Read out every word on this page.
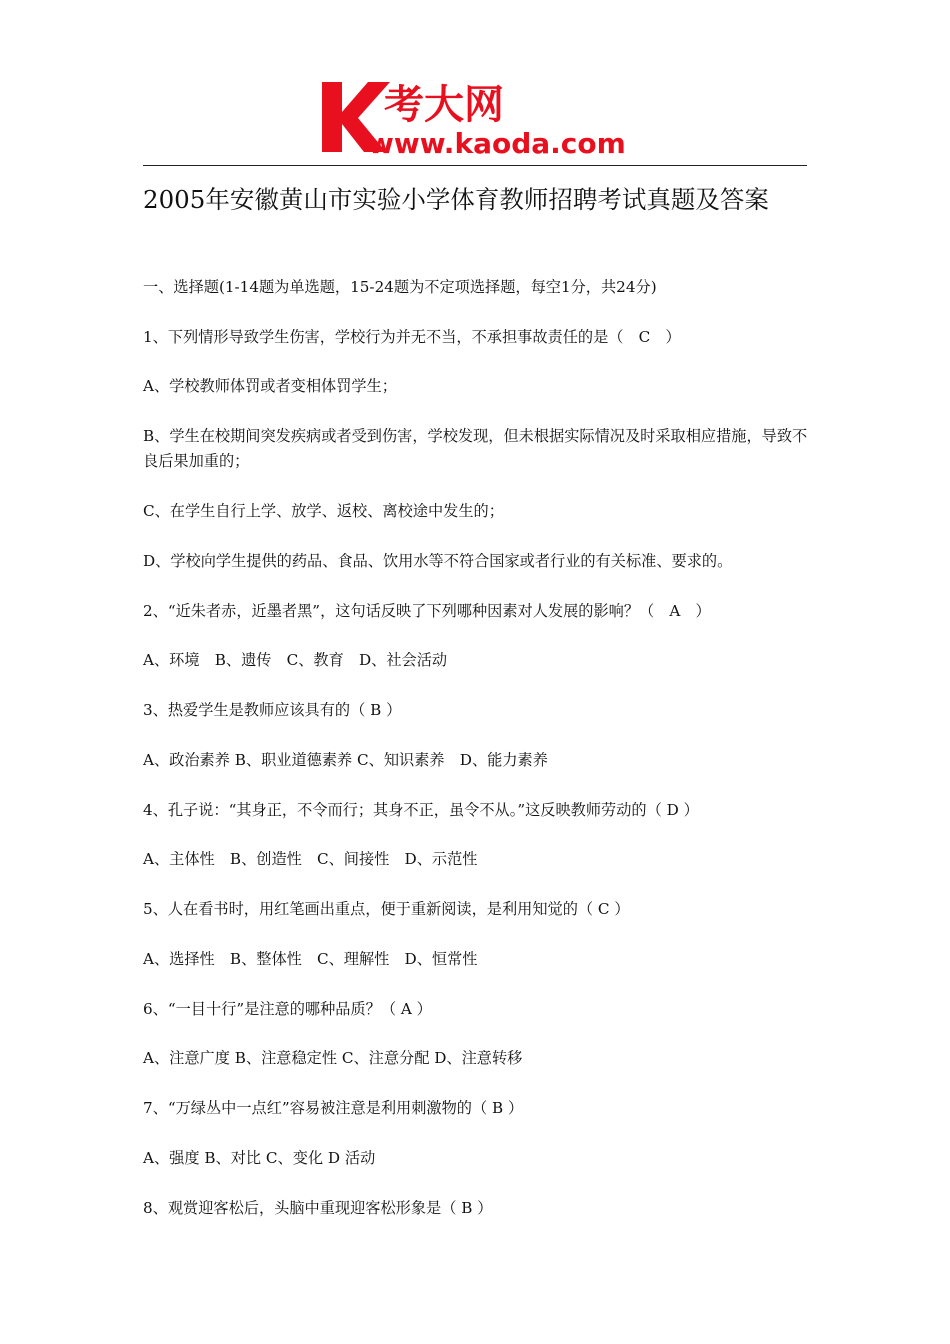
考大网
www.kaoda.com
2005年安徽黄山市实验小学体育教师招聘考试真题及答案
一、选择题(1-14题为单选题，15-24题为不定项选择题，每空1分，共24分)
1、下列情形导致学生伤害，学校行为并无不当，不承担事故责任的是（　C　）
A、学校教师体罚或者变相体罚学生；
B、学生在校期间突发疾病或者受到伤害，学校发现，但未根据实际情况及时采取相应措施，导致不良后果加重的；
C、在学生自行上学、放学、返校、离校途中发生的；
D、学校向学生提供的药品、食品、饮用水等不符合国家或者行业的有关标准、要求的。
2、“近朱者赤，近墨者黑”，这句话反映了下列哪种因素对人发展的影响？（　A　）
A、环境　B、遗传　C、教育　D、社会活动
3、热爱学生是教师应该具有的（ B ）
A、政治素养 B、职业道德素养 C、知识素养　D、能力素养
4、孔子说：“其身正，不令而行；其身不正，虽令不从。”这反映教师劳动的（ D ）
A、主体性　B、创造性　C、间接性　D、示范性
5、人在看书时，用红笔画出重点，便于重新阅读，是利用知觉的（ C ）
A、选择性　B、整体性　C、理解性　D、恒常性
6、“一目十行”是注意的哪种品质？（ A ）
A、注意广度 B、注意稳定性 C、注意分配 D、注意转移
7、“万绿丛中一点红”容易被注意是利用刺激物的（ B ）
A、强度 B、对比 C、变化 D 活动
8、观赏迎客松后，头脑中重现迎客松形象是（ B ）
